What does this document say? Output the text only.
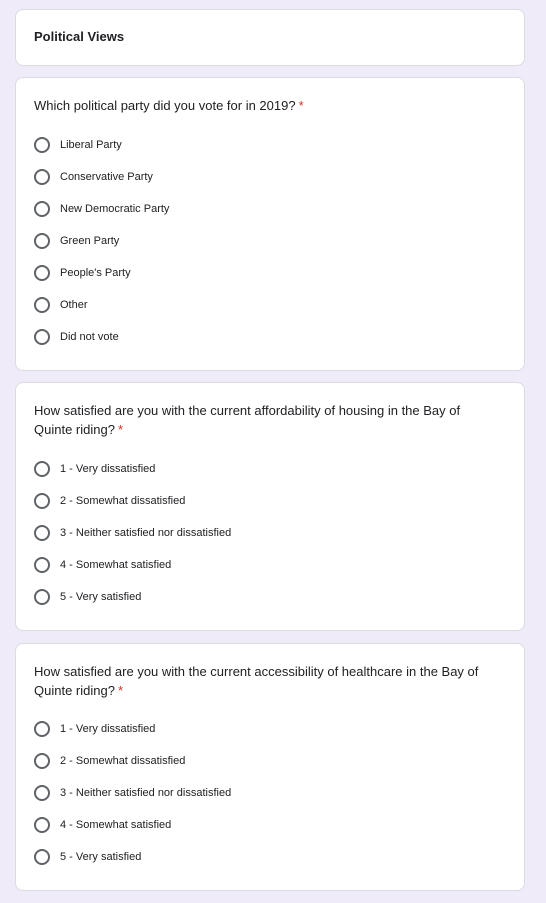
Political Views
Which political party did you vote for in 2019? *
Liberal Party
Conservative Party
New Democratic Party
Green Party
People's Party
Other
Did not vote
How satisfied are you with the current affordability of housing in the Bay of Quinte riding? *
1 - Very dissatisfied
2 - Somewhat dissatisfied
3 - Neither satisfied nor dissatisfied
4 - Somewhat satisfied
5 - Very satisfied
How satisfied are you with the current accessibility of healthcare in the Bay of Quinte riding? *
1 - Very dissatisfied
2 - Somewhat dissatisfied
3 - Neither satisfied nor dissatisfied
4 - Somewhat satisfied
5 - Very satisfied
